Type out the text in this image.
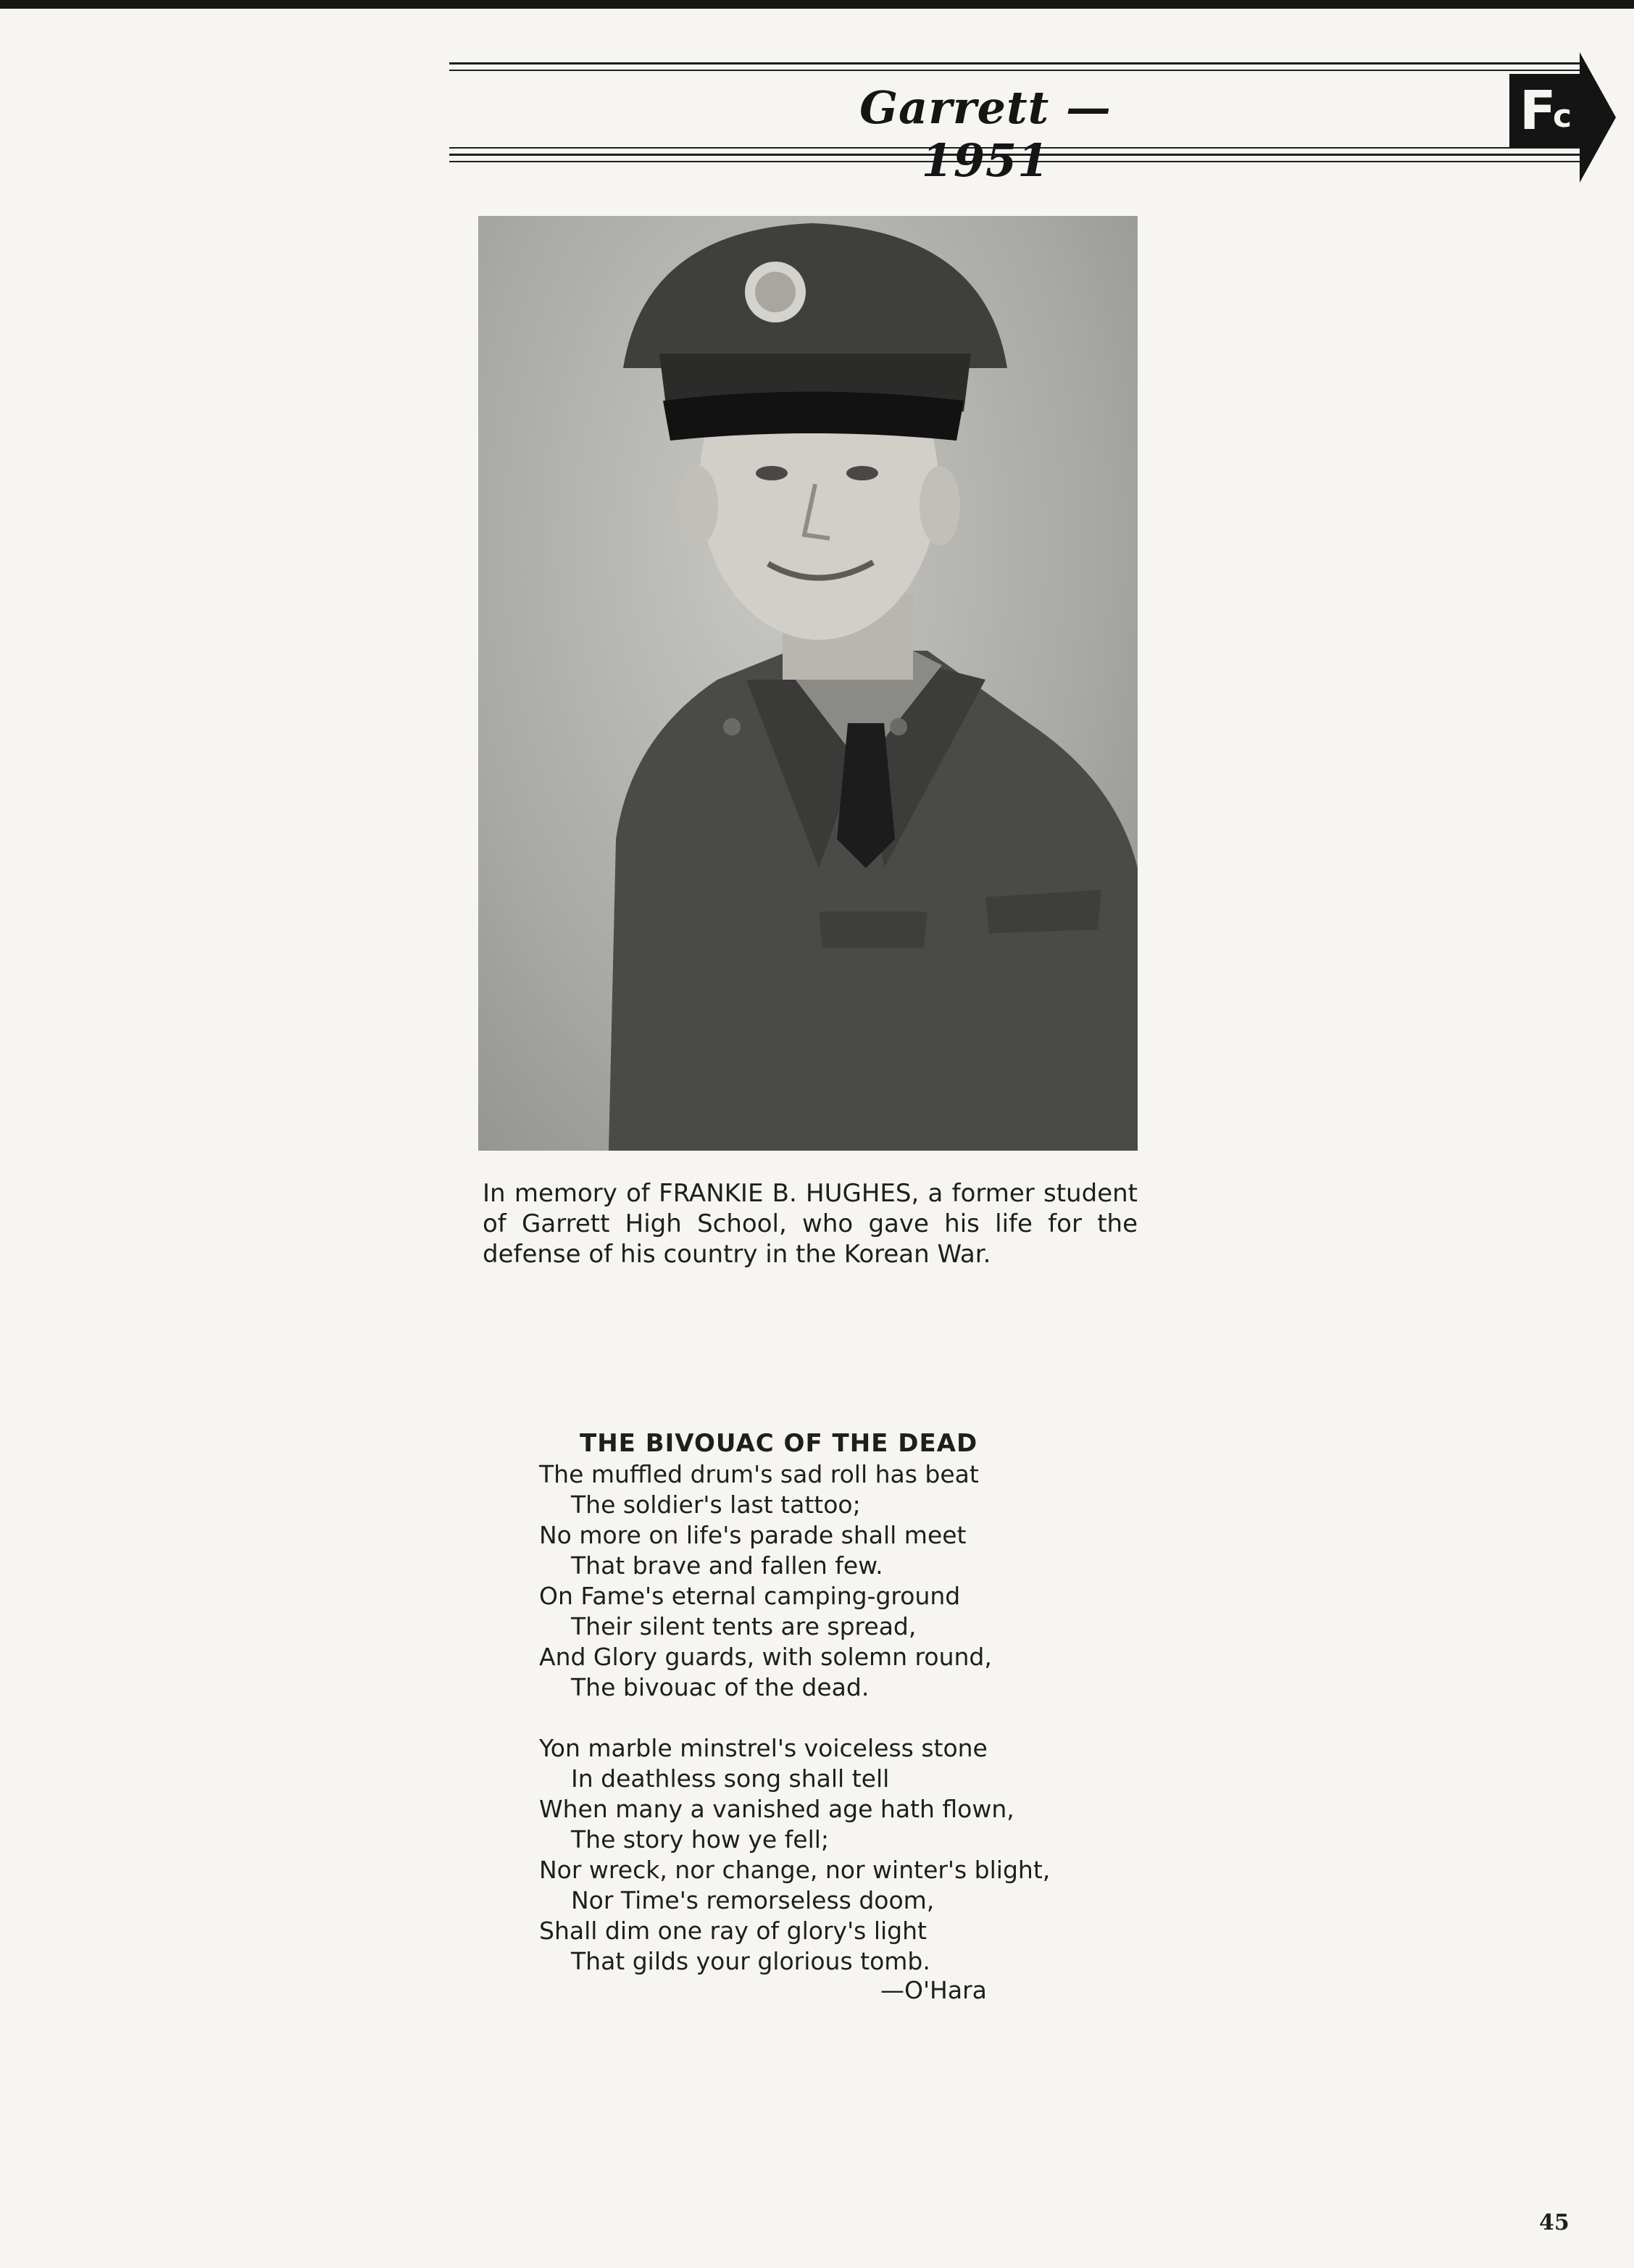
Garrett — 1951
F
c
In memory of FRANKIE B. HUGHES, a former student of Garrett High School, who gave his life for the defense of his country in the Korean War.
THE BIVOUAC OF THE DEAD
The muffled drum's sad roll has beat
The soldier's last tattoo;
No more on life's parade shall meet
That brave and fallen few.
On Fame's eternal camping-ground
Their silent tents are spread,
And Glory guards, with solemn round,
The bivouac of the dead.
Yon marble minstrel's voiceless stone
In deathless song shall tell
When many a vanished age hath flown,
The story how ye fell;
Nor wreck, nor change, nor winter's blight,
Nor Time's remorseless doom,
Shall dim one ray of glory's light
That gilds your glorious tomb.
—O'Hara
45
